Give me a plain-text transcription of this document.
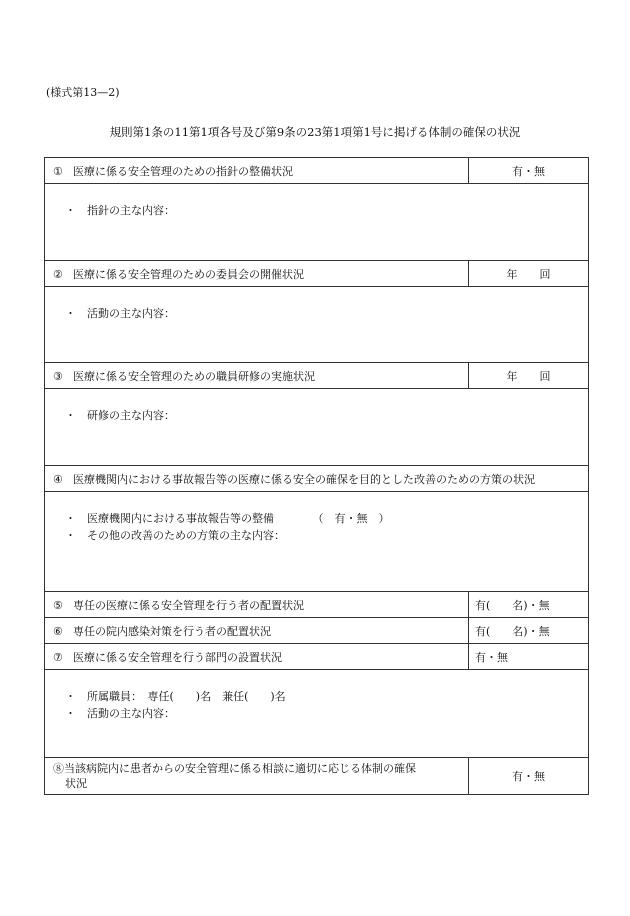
(様式第13—2)
規則第1条の11第1項各号及び第9条の23第1項第1号に掲げる体制の確保の状況
① 医療に係る安全管理のための指針の整備状況	有・無

・ 指針の主な内容：	

② 医療に係る安全管理のための委員会の開催状況	年　　回

・ 活動の主な内容：	

③ 医療に係る安全管理のための職員研修の実施状況	年　　回

・ 研修の主な内容：	

④ 医療機関内における事故報告等の医療に係る安全の確保を目的とした改善のための方策の状況	

・ 医療機関内における事故報告等の整備　　　　（　有・無　）
・ その他の改善のための方策の主な内容：	

⑤ 専任の医療に係る安全管理を行う者の配置状況	有(　　名)・無
⑥ 専任の院内感染対策を行う者の配置状況	有(　　名)・無
⑦ 医療に係る安全管理を行う部門の設置状況	有・無

・ 所属職員：　専任(　　)名　兼任(　　)名
・ 活動の主な内容：	

⑧当該病院内に患者からの安全管理に係る相談に適切に応じる体制の確保
状況	有・無
